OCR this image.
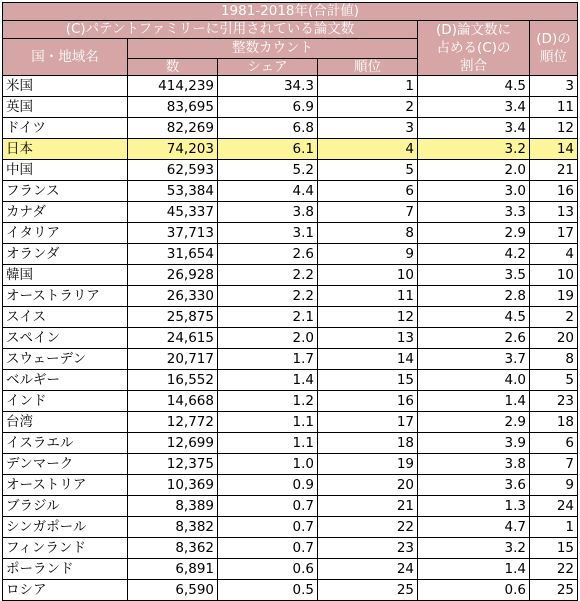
1981-2018年(合計値)					
(C)パテントファミリーに引用されている論文数				(D)論文数に
占める(C)の
割合	(D)の
順位

国・地域名	整数カウント				
	数	シェア	順位		
米国	414,239	34.3	1	4.5	3
英国	83,695	6.9	2	3.4	11
ドイツ	82,269	6.8	3	3.4	12
日本	74,203	6.1	4	3.2	14
中国	62,593	5.2	5	2.0	21
フランス	53,384	4.4	6	3.0	16
カナダ	45,337	3.8	7	3.3	13
イタリア	37,713	3.1	8	2.9	17
オランダ	31,654	2.6	9	4.2	4
韓国	26,928	2.2	10	3.5	10
オーストラリア	26,330	2.2	11	2.8	19
スイス	25,875	2.1	12	4.5	2
スペイン	24,615	2.0	13	2.6	20
スウェーデン	20,717	1.7	14	3.7	8
ベルギー	16,552	1.4	15	4.0	5
インド	14,668	1.2	16	1.4	23
台湾	12,772	1.1	17	2.9	18
イスラエル	12,699	1.1	18	3.9	6
デンマーク	12,375	1.0	19	3.8	7
オーストリア	10,369	0.9	20	3.6	9
ブラジル	8,389	0.7	21	1.3	24
シンガポール	8,382	0.7	22	4.7	1
フィンランド	8,362	0.7	23	3.2	15
ポーランド	6,891	0.6	24	1.4	22
ロシア	6,590	0.5	25	0.6	25
